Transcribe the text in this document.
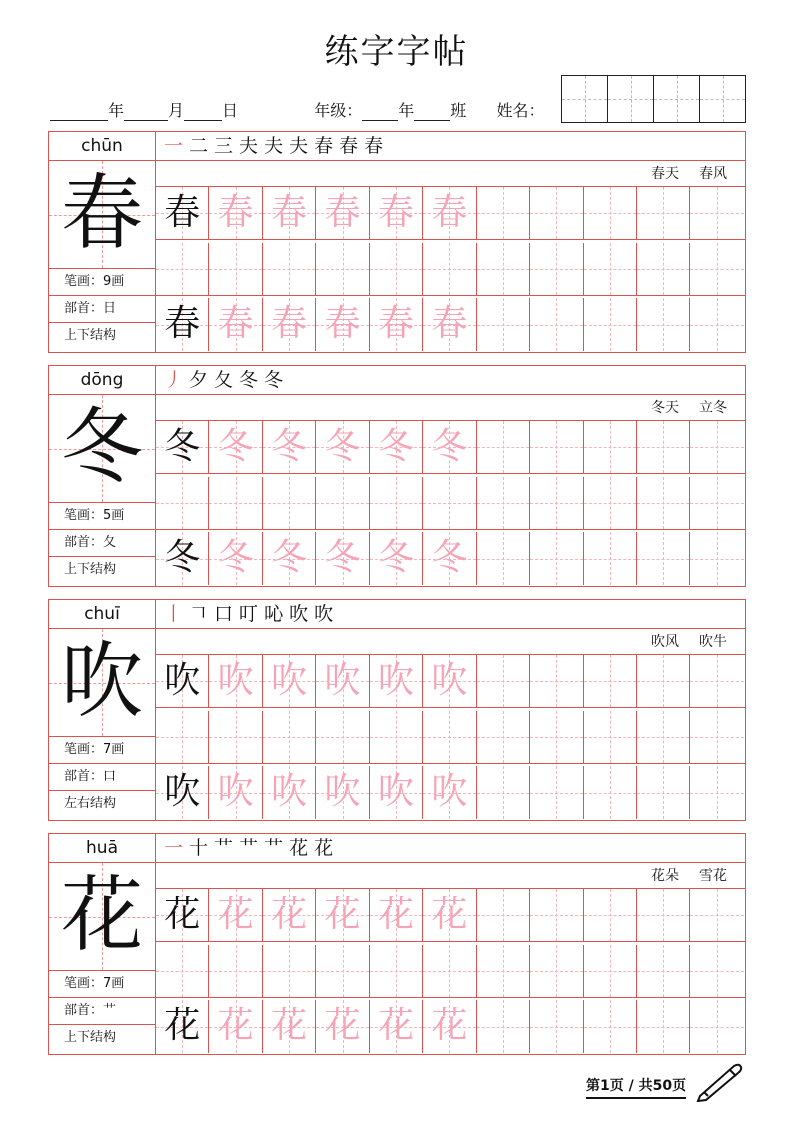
练字字帖
年	月 日	年级： 年 班 姓名：
chūn
春
笔画：9画
部首：日
上下结构
一 二 三 夫 夫 夫 春 春 春
春天 春风
春 春 春 春 春 春
春 春 春 春 春 春
dōng
冬
笔画：5画
部首：夂
上下结构
丿 夕 夂 冬 冬
冬天 立冬
冬 冬 冬 冬 冬 冬
冬 冬 冬 冬 冬 冬
chuī
吹
笔画：7画
部首：口
左右结构
丨 𠃍 口 叮 吣 吹 吹
吹风 吹牛
吹 吹 吹 吹 吹 吹
吹 吹 吹 吹 吹 吹
huā
花
笔画：7画
部首：艹
上下结构
一 十 艹 艹 艹 花 花
花朵 雪花
花 花 花 花 花 花
花 花 花 花 花 花
第1页 / 共50页
